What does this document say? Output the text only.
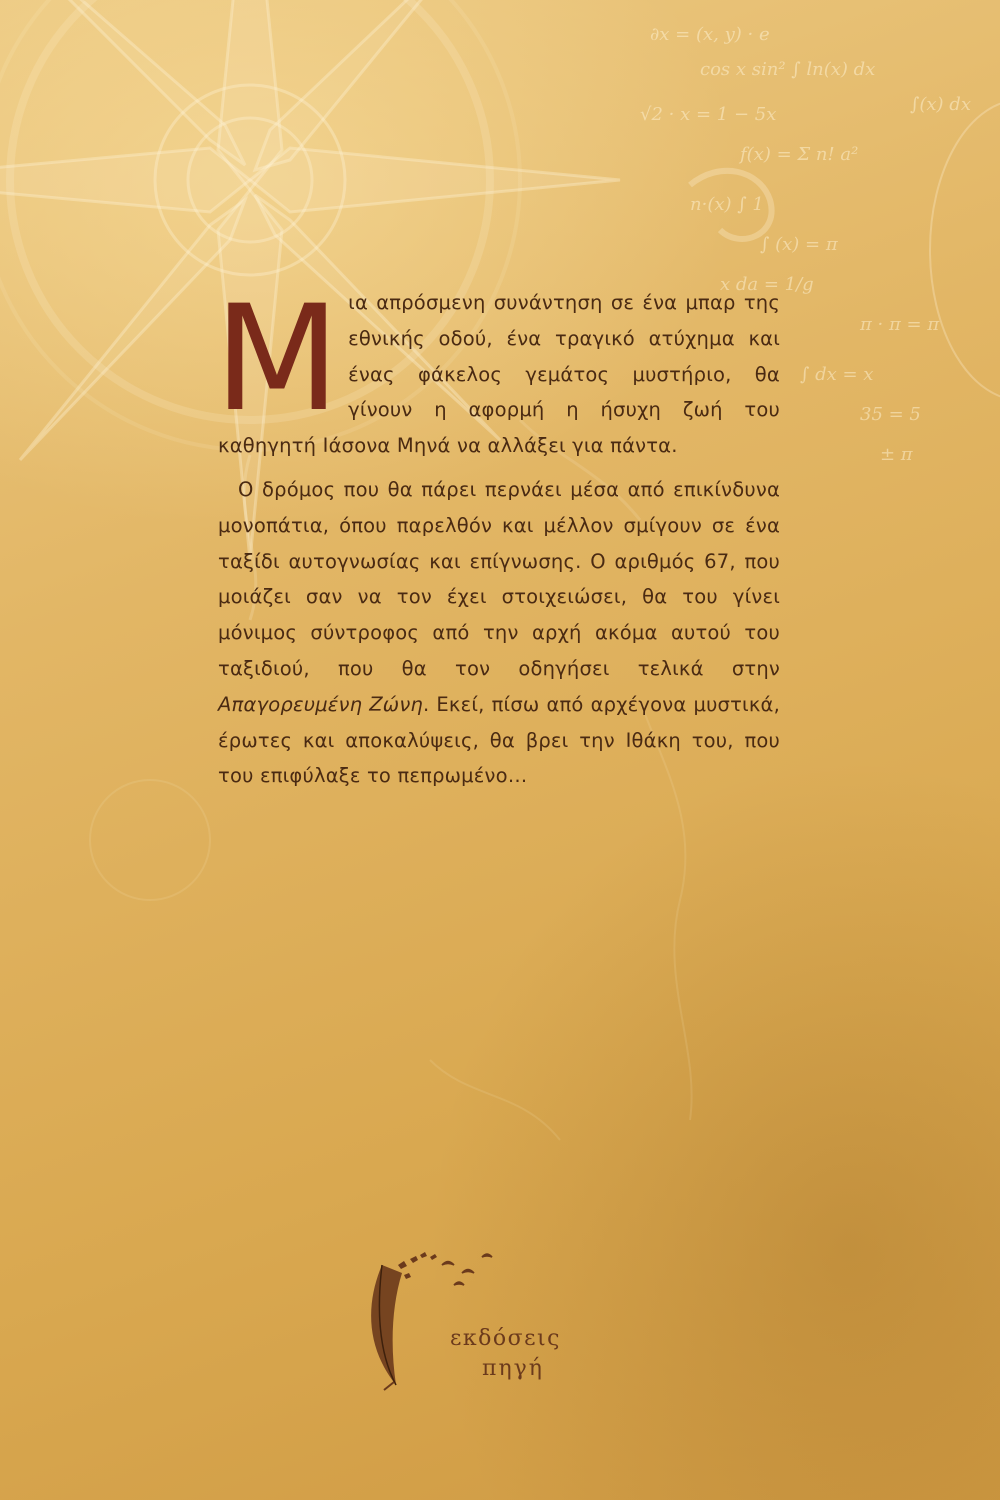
∂x = (x, y) · e
cos x sin² ∫ ln(x) dx
√2 · x = 1 − 5x
f(x) = Σ n! a²
n·(x) ∫ 1
∫ (x) = π
x da = 1/g
π · π = π
∫ dx = x
35 = 5
± π
∫(x) dx

Μια απρόσμενη συνάντηση σε ένα μπαρ της εθνικής οδού, ένα τραγικό ατύχημα και ένας φάκελος γεμάτος μυστήριο, θα γίνουν η αφορμή η ήσυχη ζωή του καθηγητή Ιάσονα Μηνά να αλλάξει για πάντα.

Ο δρόμος που θα πάρει περνάει μέσα από επικίνδυνα μονοπάτια, όπου παρελθόν και μέλλον σμίγουν σε ένα ταξίδι αυτογνωσίας και επίγνωσης. Ο αριθμός 67, που μοιάζει σαν να τον έχει στοιχειώσει, θα του γίνει μόνιμος σύντροφος από την αρχή ακόμα αυτού του ταξιδιού, που θα τον οδηγήσει τελικά στην Απαγορευμένη Ζώνη. Εκεί, πίσω από αρχέγονα μυστικά, έρωτες και αποκαλύψεις, θα βρει την Ιθάκη του, που του επιφύλαξε το πεπρωμένο…

εκδόσεις
πηγή
